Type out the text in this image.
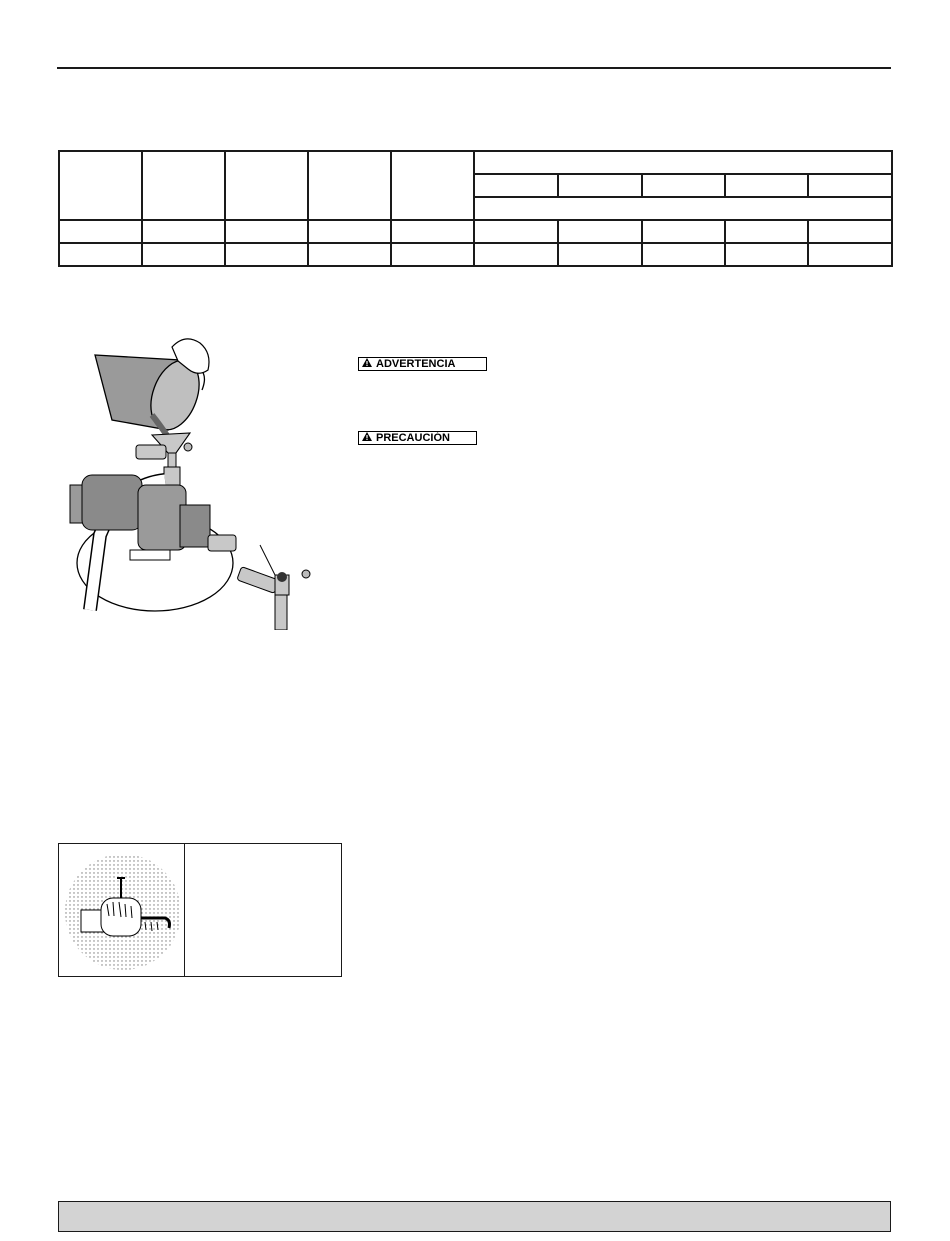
ADVERTENCIA
PRECAUCIÓN
